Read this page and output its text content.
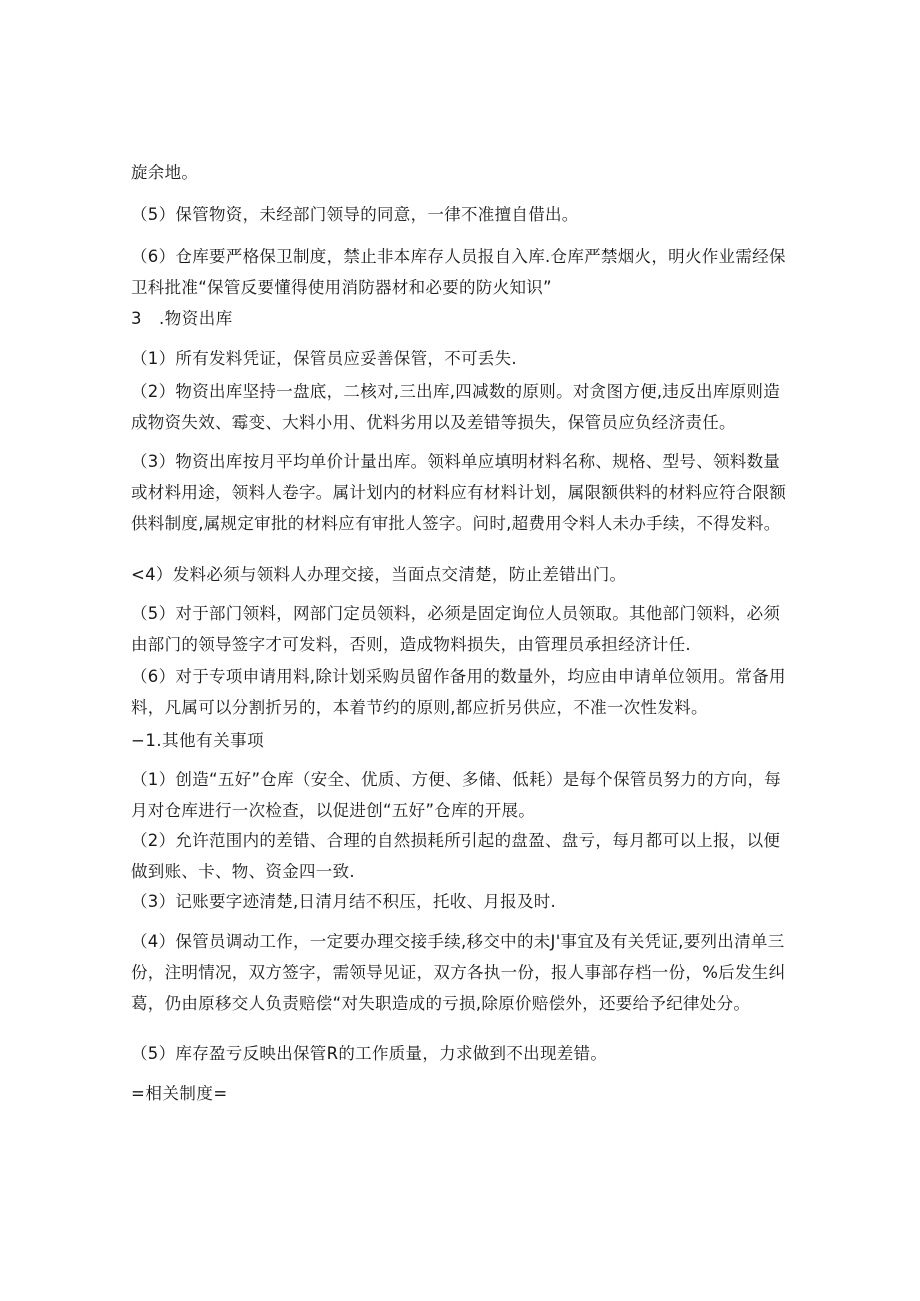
旋余地。

（5）保管物资，未经部门领导的同意，一律不准擅自借出。

（6）仓库要严格保卫制度，禁止非本库存人员报自入库.仓库严禁烟火，明火作业需经保卫科批准“保管反要懂得使用消防器材和必要的防火知识”

3　.物资出库

（1）所有发料凭证，保管员应妥善保管，不可丢失.

（2）物资出库坚持一盘底，二核对,三出库,四减数的原则。对贪图方便,违反出库原则造成物资失效、霉变、大料小用、优料劣用以及差错等损失，保管员应负经济责任。

（3）物资出库按月平均单价计量出库。领料单应填明材料名称、规格、型号、领料数量或材料用途，领料人卷字。属计划内的材料应有材料计划，属限额供料的材料应符合限额供料制度,属规定审批的材料应有审批人签字。问时,超费用令料人未办手续，不得发料。

<4）发料必须与领料人办理交接，当面点交清楚，防止差错出门。

（5）对于部门领料，网部门定员领料，必须是固定询位人员领取。其他部门领料，必须由部门的领导签字才可发料，否则，造成物料损失，由管理员承担经济计任.

（6）对于专项申请用料,除计划采购员留作备用的数量外，均应由申请单位领用。常备用料，凡属可以分割折另的，本着节约的原则,都应折另供应，不准一次性发料。

−1.其他有关事项

（1）创造“五好”仓库（安全、优质、方便、多储、低耗）是每个保管员努力的方向，每月对仓库进行一次检查，以促进创“五好”仓库的开展。

（2）允许范围内的差错、合理的自然损耗所引起的盘盈、盘亏，每月都可以上报，以便做到账、卡、物、资金四一致.

（3）记账要字迹清楚,日清月结不积压，托收、月报及时.

（4）保管员调动工作，一定要办理交接手续,移交中的未J'事宜及有关凭证,要列出清单三份，注明情况，双方签字，需领导见证，双方各执一份，报人事部存档一份，%后发生纠葛，仍由原移交人负责赔偿“对失职造成的亏损,除原价赔偿外，还要给予纪律处分。

（5）库存盈亏反映出保管R的工作质量，力求做到不出现差错。

=相关制度=
